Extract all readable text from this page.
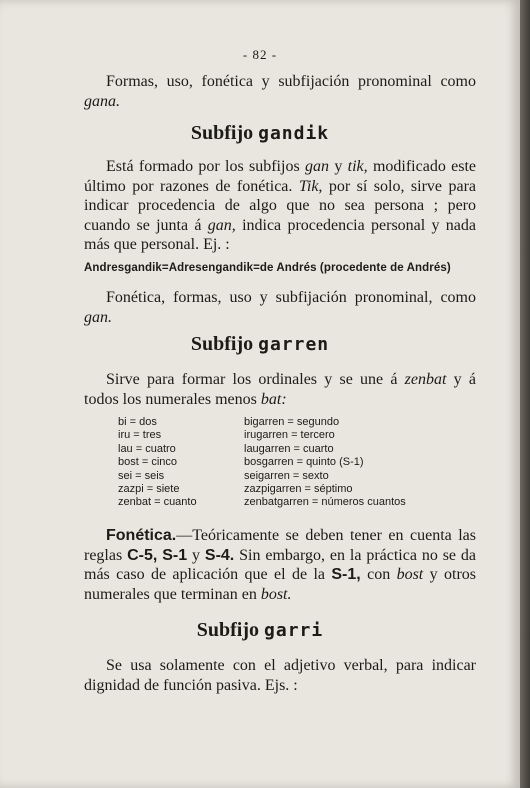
- 82 -

Formas, uso, fonética y subfijación pronominal como gana.

Subfijo gandik

Está formado por los subfijos gan y tik, modificado este último por razones de fonética. Tik, por sí solo, sirve para indicar procedencia de algo que no sea persona ; pero cuando se junta á gan, indica procedencia personal y nada más que personal. Ej. :

Andresgandik=Adresengandik=de Andrés (procedente de Andrés)

Fonética, formas, uso y subfijación pronominal, como gan.

Subfijo garren

Sirve para formar los ordinales y se une á zenbat y á todos los numerales menos bat:

bi = dos	bigarren = segundo
iru = tres	irugarren = tercero
lau = cuatro	laugarren = cuarto
bost = cinco	bosgarren = quinto (S-1)
sei = seis	seigarren = sexto
zazpi = siete	zazpigarren = séptimo
zenbat = cuanto	zenbatgarren = números cuantos

Fonética.—Teóricamente se deben tener en cuenta las reglas C-5, S-1 y S-4. Sin embargo, en la práctica no se da más caso de aplicación que el de la S-1, con bost y otros numerales que terminan en bost.

Subfijo garri

Se usa solamente con el adjetivo verbal, para indicar dignidad de función pasiva. Ejs. :
